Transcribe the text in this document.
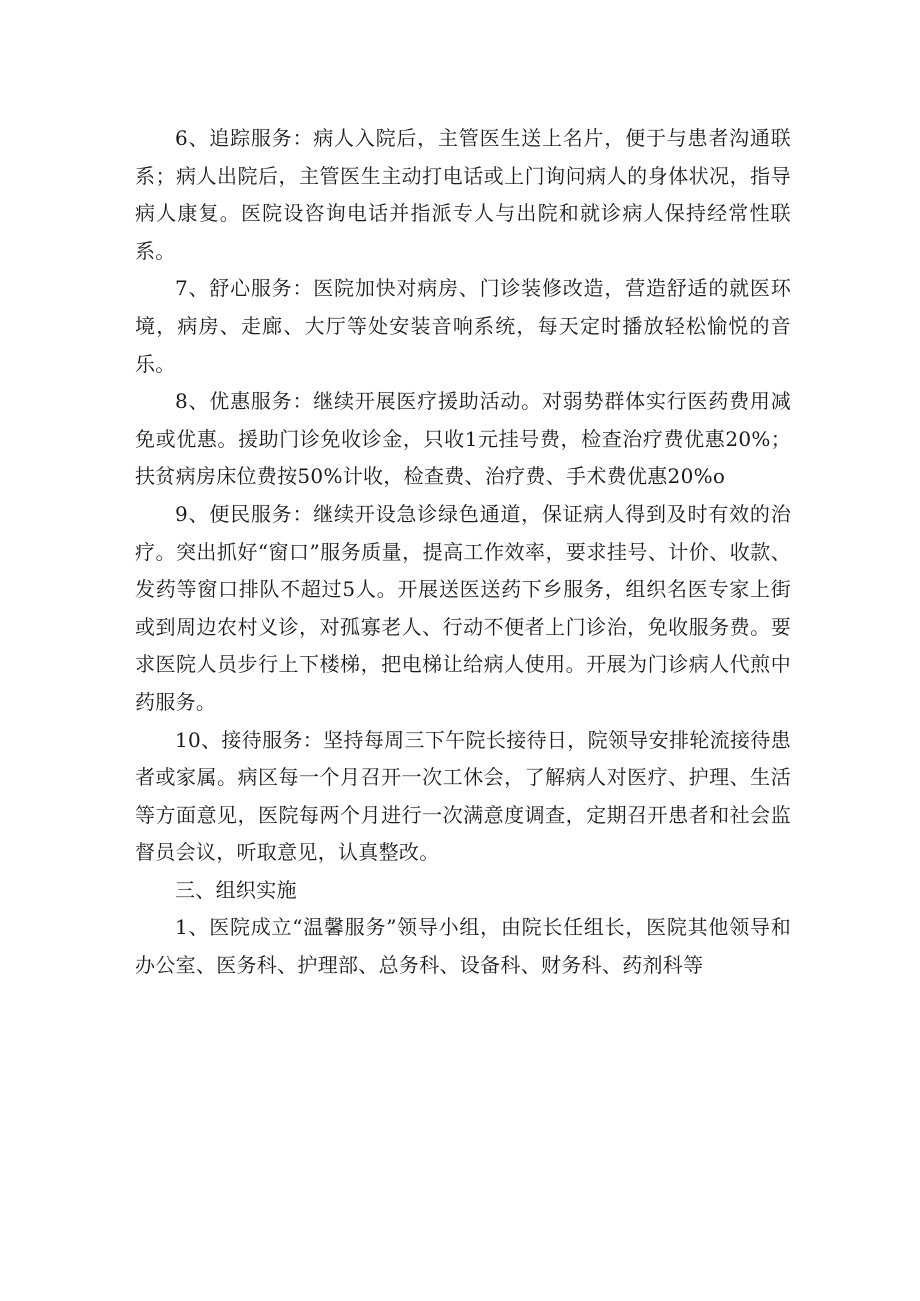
6、追踪服务：病人入院后，主管医生送上名片，便于与患者沟通联系；病人出院后，主管医生主动打电话或上门询问病人的身体状况，指导病人康复。医院设咨询电话并指派专人与出院和就诊病人保持经常性联系。

7、舒心服务：医院加快对病房、门诊装修改造，营造舒适的就医环境，病房、走廊、大厅等处安装音响系统，每天定时播放轻松愉悦的音乐。

8、优惠服务：继续开展医疗援助活动。对弱势群体实行医药费用减免或优惠。援助门诊免收诊金，只收1元挂号费，检查治疗费优惠20%；扶贫病房床位费按50%计收，检查费、治疗费、手术费优惠20%o

9、便民服务：继续开设急诊绿色通道，保证病人得到及时有效的治疗。突出抓好“窗口”服务质量，提高工作效率，要求挂号、计价、收款、发药等窗口排队不超过5人。开展送医送药下乡服务，组织名医专家上街或到周边农村义诊，对孤寡老人、行动不便者上门诊治，免收服务费。要求医院人员步行上下楼梯，把电梯让给病人使用。开展为门诊病人代煎中药服务。

10、接待服务：坚持每周三下午院长接待日，院领导安排轮流接待患者或家属。病区每一个月召开一次工休会，了解病人对医疗、护理、生活等方面意见，医院每两个月进行一次满意度调查，定期召开患者和社会监督员会议，听取意见，认真整改。

三、组织实施

1、医院成立“温馨服务”领导小组，由院长任组长，医院其他领导和办公室、医务科、护理部、总务科、设备科、财务科、药剂科等
